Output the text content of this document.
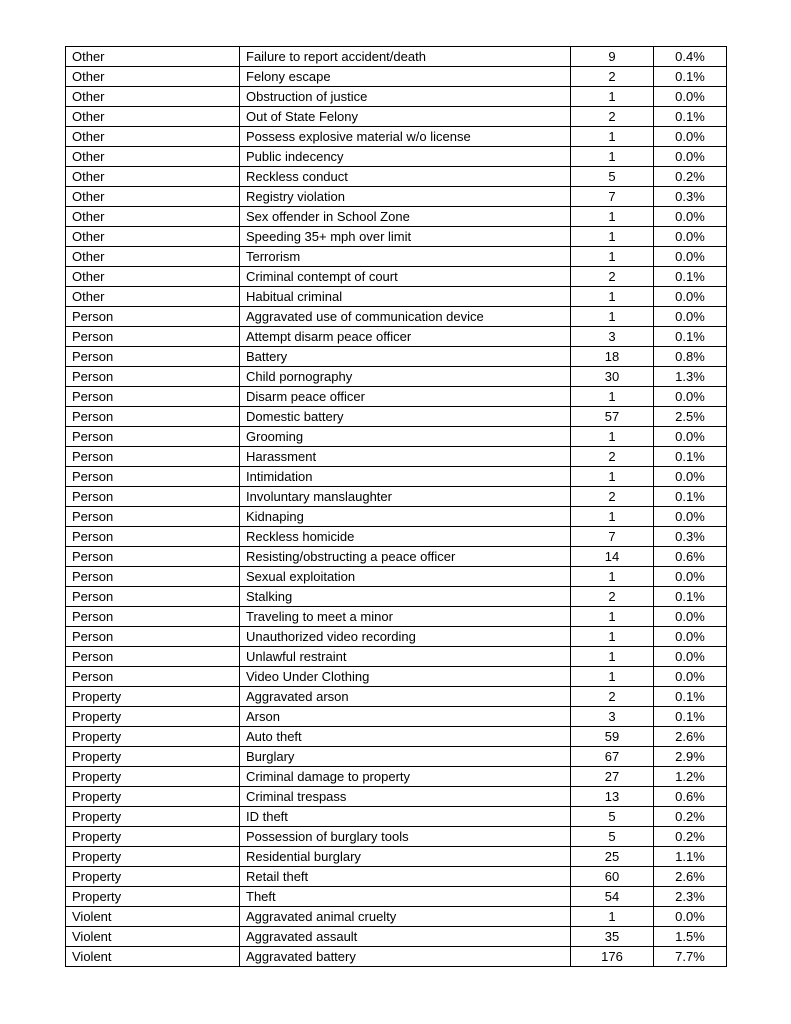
Other	Failure to report accident/death	9	0.4%
Other	Felony escape	2	0.1%
Other	Obstruction of justice	1	0.0%
Other	Out of State Felony	2	0.1%
Other	Possess explosive material w/o license	1	0.0%
Other	Public indecency	1	0.0%
Other	Reckless conduct	5	0.2%
Other	Registry violation	7	0.3%
Other	Sex offender in School Zone	1	0.0%
Other	Speeding 35+ mph over limit	1	0.0%
Other	Terrorism	1	0.0%
Other	Criminal contempt of court	2	0.1%
Other	Habitual criminal	1	0.0%
Person	Aggravated use of communication device	1	0.0%
Person	Attempt disarm peace officer	3	0.1%
Person	Battery	18	0.8%
Person	Child pornography	30	1.3%
Person	Disarm peace officer	1	0.0%
Person	Domestic battery	57	2.5%
Person	Grooming	1	0.0%
Person	Harassment	2	0.1%
Person	Intimidation	1	0.0%
Person	Involuntary manslaughter	2	0.1%
Person	Kidnaping	1	0.0%
Person	Reckless homicide	7	0.3%
Person	Resisting/obstructing a peace officer	14	0.6%
Person	Sexual exploitation	1	0.0%
Person	Stalking	2	0.1%
Person	Traveling to meet a minor	1	0.0%
Person	Unauthorized video recording	1	0.0%
Person	Unlawful restraint	1	0.0%
Person	Video Under Clothing	1	0.0%
Property	Aggravated arson	2	0.1%
Property	Arson	3	0.1%
Property	Auto theft	59	2.6%
Property	Burglary	67	2.9%
Property	Criminal damage to property	27	1.2%
Property	Criminal trespass	13	0.6%
Property	ID theft	5	0.2%
Property	Possession of burglary tools	5	0.2%
Property	Residential burglary	25	1.1%
Property	Retail theft	60	2.6%
Property	Theft	54	2.3%
Violent	Aggravated animal cruelty	1	0.0%
Violent	Aggravated assault	35	1.5%
Violent	Aggravated battery	176	7.7%
